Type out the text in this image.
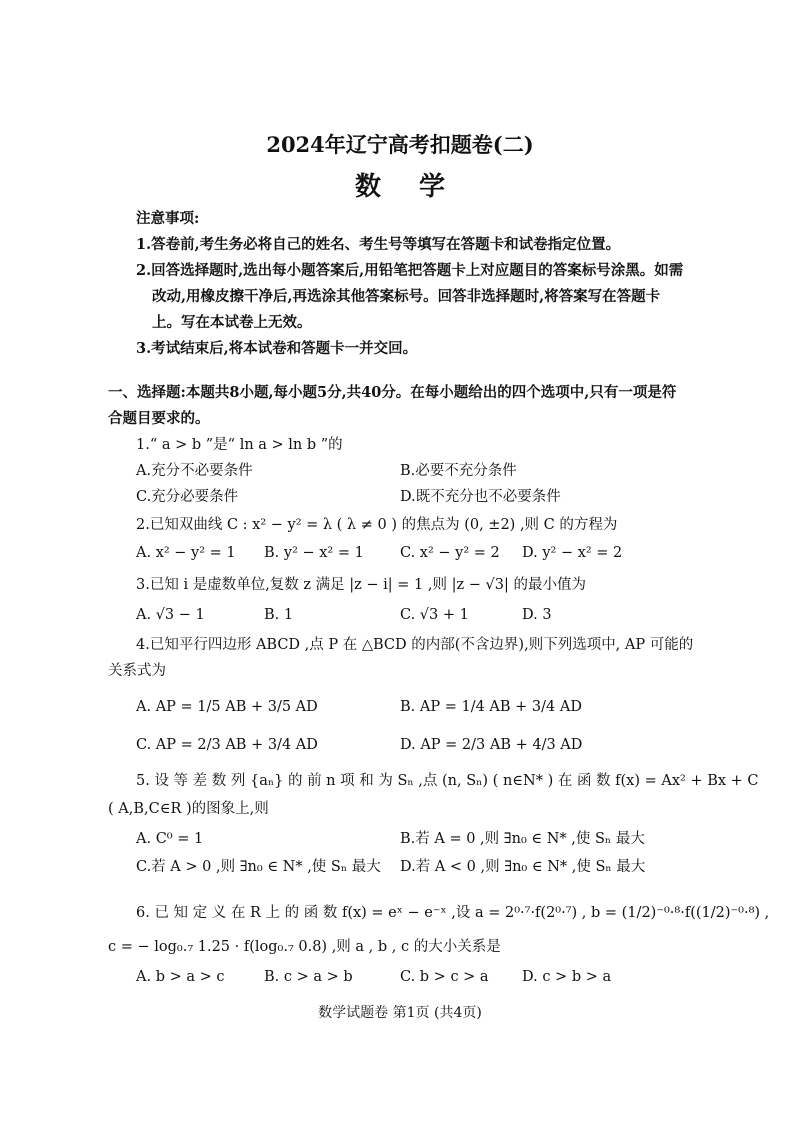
2024年辽宁高考扣题卷(二)
数学
注意事项:
1.答卷前,考生务必将自己的姓名、考生号等填写在答题卡和试卷指定位置。
2.回答选择题时,选出每小题答案后,用铅笔把答题卡上对应题目的答案标号涂黑。如需
改动,用橡皮擦干净后,再选涂其他答案标号。回答非选择题时,将答案写在答题卡
上。写在本试卷上无效。
3.考试结束后,将本试卷和答题卡一并交回。
一、选择题:本题共8小题,每小题5分,共40分。在每小题给出的四个选项中,只有一项是符
合题目要求的。
1.“ a > b ”是“ ln a > ln b ”的
A.充分不必要条件	B.必要不充分条件
C.充分必要条件	D.既不充分也不必要条件
2.已知双曲线 C : x² − y² = λ ( λ ≠ 0 ) 的焦点为 (0, ±2) ,则 C 的方程为
A. x² − y² = 1 B. y² − x² = 1 C. x² − y² = 2 D. y² − x² = 2
3.已知 i 是虚数单位,复数 z 满足 |z − i| = 1 ,则 |z − √3| 的最小值为
A. √3 − 1	B. 1	C. √3 + 1	D. 3
4.已知平行四边形 ABCD ,点 P 在 △BCD 的内部(不含边界),则下列选项中, AP 可能的
关系式为
A. AP = 1/5 AB + 3/5 AD	B. AP = 1/4 AB + 3/4 AD
C. AP = 2/3 AB + 3/4 AD	D. AP = 2/3 AB + 4/3 AD
5. 设 等 差 数 列 {aₙ} 的 前 n 项 和 为 Sₙ ,点 (n, Sₙ) ( n∈N* ) 在 函 数 f(x) = Ax² + Bx + C
( A,B,C∈R )的图象上,则
A. C⁰ = 1	B.若 A = 0 ,则 ∃n₀ ∈ N* ,使 Sₙ 最大
C.若 A > 0 ,则 ∃n₀ ∈ N* ,使 Sₙ 最大 D.若 A < 0 ,则 ∃n₀ ∈ N* ,使 Sₙ 最大
6. 已 知 定 义 在 R 上 的 函 数 f(x) = eˣ − e⁻ˣ ,设 a = 2⁰·⁷·f(2⁰·⁷) , b = (1/2)⁻⁰·⁸·f((1/2)⁻⁰·⁸) ,
c = − log₀.₇ 1.25 · f(log₀.₇ 0.8) ,则 a , b , c 的大小关系是
A. b > a > c	B. c > a > b	C. b > c > a D. c > b > a
数学试题卷 第1页 (共4页)
